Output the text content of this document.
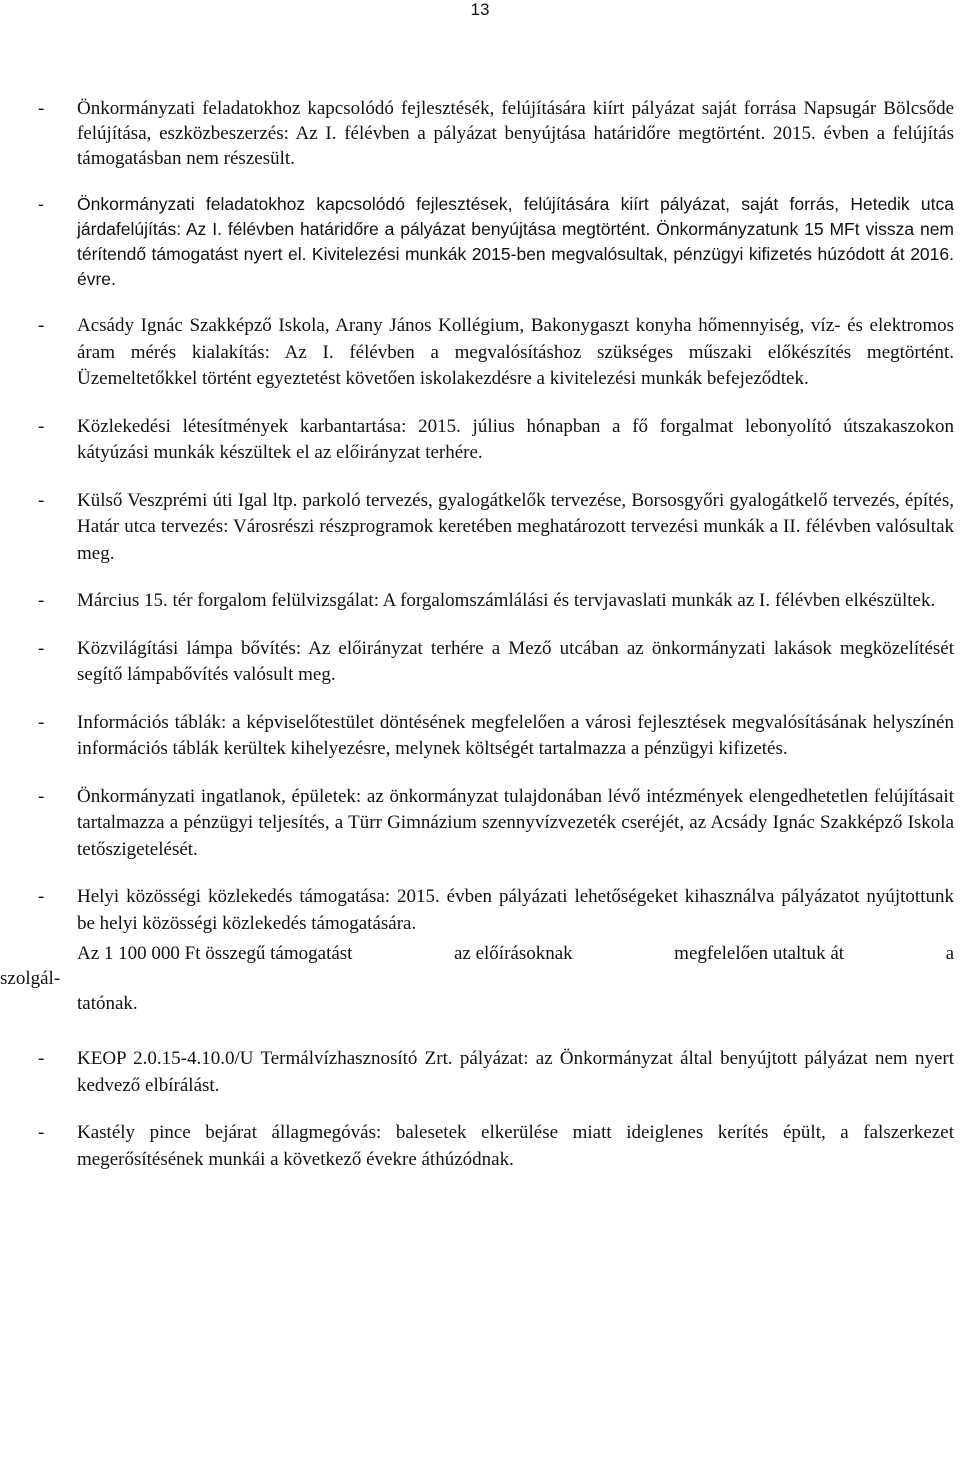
13
- Önkormányzati feladatokhoz kapcsolódó fejlesztésék, felújítására kiírt pályázat saját forrása Napsugár Bölcsőde felújítása, eszközbeszerzés: Az I. félévben a pályázat benyújtása határidőre megtörtént. 2015. évben a felújítás támogatásban nem részesült.
- Önkormányzati feladatokhoz kapcsolódó fejlesztések, felújítására kiírt pályázat, saját forrás, Hetedik utca járdafelújítás: Az I. félévben határidőre a pályázat benyújtása megtörtént. Önkormányzatunk 15 MFt vissza nem térítendő támogatást nyert el. Kivitelezési munkák 2015-ben megvalósultak, pénzügyi kifizetés húzódott át 2016. évre.
- Acsády Ignác Szakképző Iskola, Arany János Kollégium, Bakonygaszt konyha hőmennyiség, víz- és elektromos áram mérés kialakítás: Az I. félévben a megvalósításhoz szükséges műszaki előkészítés megtörtént. Üzemeltetőkkel történt egyeztetést követően iskolakezdésre a kivitelezési munkák befejeződtek.
- Közlekedési létesítmények karbantartása: 2015. július hónapban a fő forgalmat lebonyolító útszakaszokon kátyúzási munkák készültek el az előirányzat terhére.
- Külső Veszprémi úti Igal ltp. parkoló tervezés, gyalogátkelők tervezése, Borsosgyőri gyalogátkelő tervezés, építés, Határ utca tervezés: Városrészi részprogramok keretében meghatározott tervezési munkák a II. félévben valósultak meg.
- Március 15. tér forgalom felülvizsgálat: A forgalomszámlálási és tervjavaslati munkák az I. félévben elkészültek.
- Közvilágítási lámpa bővítés: Az előirányzat terhére a Mező utcában az önkormányzati lakások megközelítését segítő lámpabővítés valósult meg.
- Információs táblák: a képviselőtestület döntésének megfelelően a városi fejlesztések megvalósításának helyszínén információs táblák kerültek kihelyezésre, melynek költségét tartalmazza a pénzügyi kifizetés.
- Önkormányzati ingatlanok, épületek: az önkormányzat tulajdonában lévő intézmények elengedhetetlen felújításait tartalmazza a pénzügyi teljesítés, a Türr Gimnázium szennyvízvezeték cseréjét, az Acsády Ignác Szakképző Iskola tetőszigetelését.
- Helyi közösségi közlekedés támogatása: 2015. évben pályázati lehetőségeket kihasználva pályázatot nyújtottunk be helyi közösségi közlekedés támogatására.
Az 1 100 000 Ft összegű támogatást	az előírásoknak	megfelelően utaltuk át	a
szolgál-
tatónak.
- KEOP 2.0.15-4.10.0/U Termálvízhasznosító Zrt. pályázat: az Önkormányzat által benyújtott pályázat nem nyert kedvező elbírálást.
- Kastély pince bejárat állagmegóvás: balesetek elkerülése miatt ideiglenes kerítés épült, a falszerkezet megerősítésének munkái a következő évekre áthúzódnak.
